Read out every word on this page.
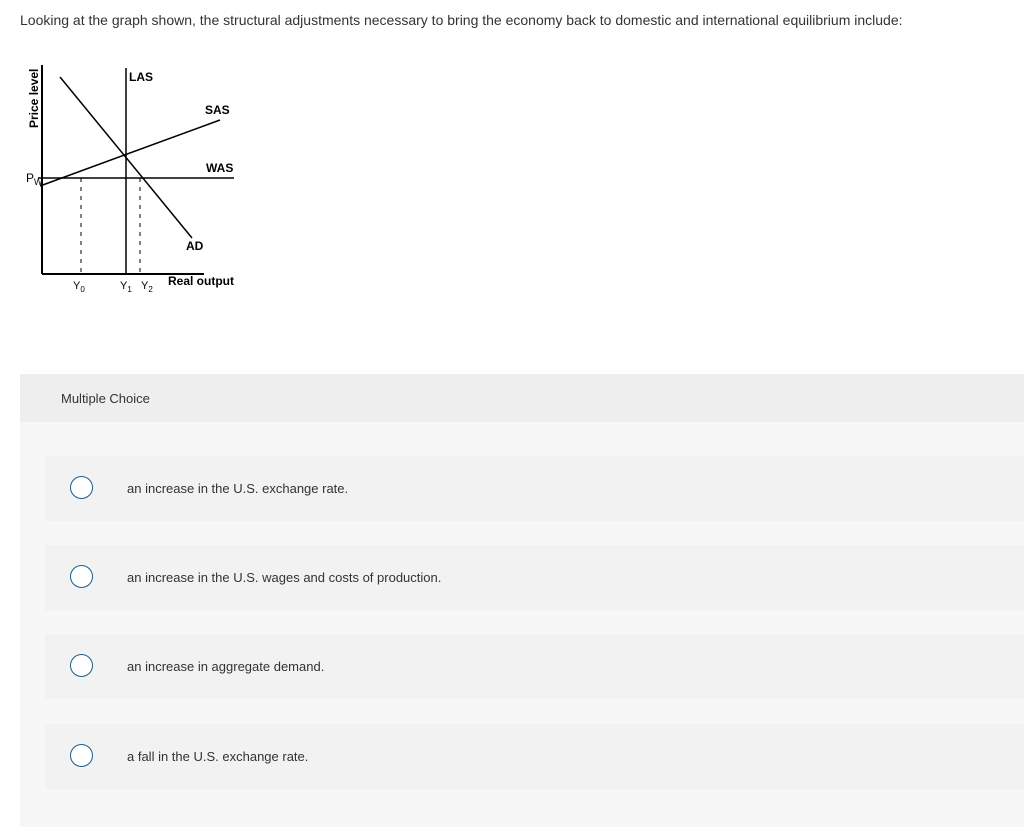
Looking at the graph shown, the structural adjustments necessary to bring the economy back to domestic and international equilibrium include:
Price level
$P_W$
LAS
SAS
WAS
AD
$Y_0$	$Y_1$ $Y_2$
Real output
Multiple Choice
an increase in the U.S. exchange rate.
an increase in the U.S. wages and costs of production.
an increase in aggregate demand.
a fall in the U.S. exchange rate.
